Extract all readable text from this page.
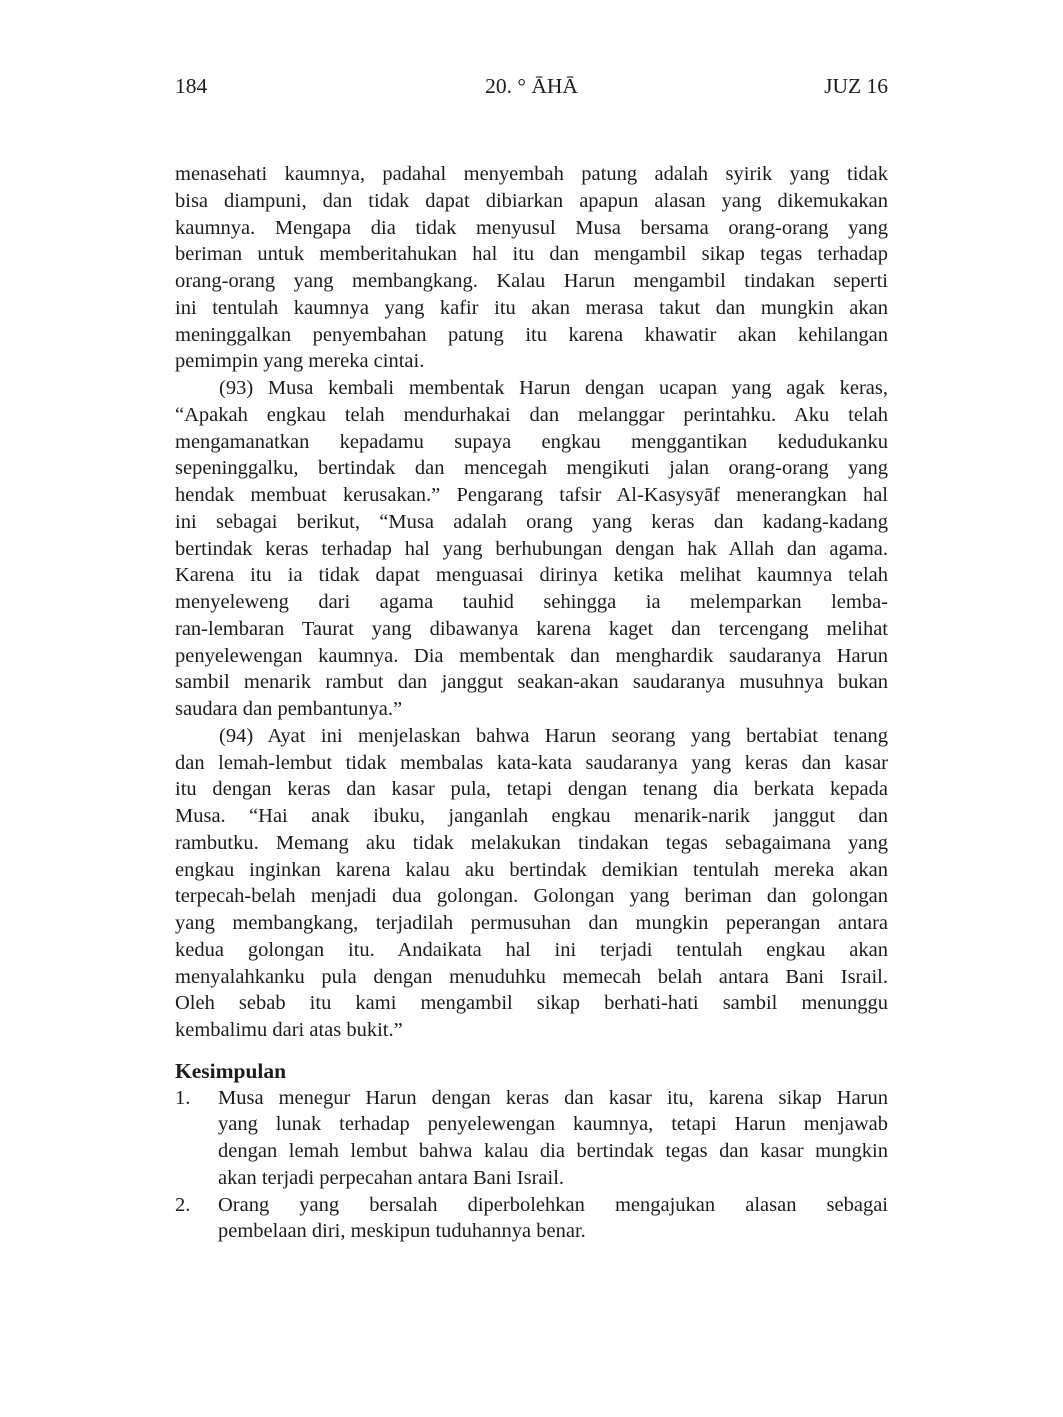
184	20. ° ĀHĀ	JUZ 16
menasehati kaumnya, padahal menyembah patung adalah syirik yang tidak
bisa diampuni, dan tidak dapat dibiarkan apapun alasan yang dikemukakan
kaumnya. Mengapa dia tidak menyusul Musa bersama orang-orang yang
beriman untuk memberitahukan hal itu dan mengambil sikap tegas terhadap
orang-orang yang membangkang. Kalau Harun mengambil tindakan seperti
ini tentulah kaumnya yang kafir itu akan merasa takut dan mungkin akan
meninggalkan penyembahan patung itu karena khawatir akan kehilangan
pemimpin yang mereka cintai.
(93) Musa kembali membentak Harun dengan ucapan yang agak keras,
“Apakah engkau telah mendurhakai dan melanggar perintahku. Aku telah
mengamanatkan kepadamu supaya engkau menggantikan kedudukanku
sepeninggalku, bertindak dan mencegah mengikuti jalan orang-orang yang
hendak membuat kerusakan.” Pengarang tafsir Al-Kasysyāf menerangkan hal
ini sebagai berikut, “Musa adalah orang yang keras dan kadang-kadang
bertindak keras terhadap hal yang berhubungan dengan hak Allah dan agama.
Karena itu ia tidak dapat menguasai dirinya ketika melihat kaumnya telah
menyeleweng dari agama tauhid sehingga ia melemparkan lemba-
ran-lembaran Taurat yang dibawanya karena kaget dan tercengang melihat
penyelewengan kaumnya. Dia membentak dan menghardik saudaranya Harun
sambil menarik rambut dan janggut seakan-akan saudaranya musuhnya bukan
saudara dan pembantunya.”
(94) Ayat ini menjelaskan bahwa Harun seorang yang bertabiat tenang
dan lemah-lembut tidak membalas kata-kata saudaranya yang keras dan kasar
itu dengan keras dan kasar pula, tetapi dengan tenang dia berkata kepada
Musa. “Hai anak ibuku, janganlah engkau menarik-narik janggut dan
rambutku. Memang aku tidak melakukan tindakan tegas sebagaimana yang
engkau inginkan karena kalau aku bertindak demikian tentulah mereka akan
terpecah-belah menjadi dua golongan. Golongan yang beriman dan golongan
yang membangkang, terjadilah permusuhan dan mungkin peperangan antara
kedua golongan itu. Andaikata hal ini terjadi tentulah engkau akan
menyalahkanku pula dengan menuduhku memecah belah antara Bani Israil.
Oleh sebab itu kami mengambil sikap berhati-hati sambil menunggu
kembalimu dari atas bukit.”
Kesimpulan
1. Musa menegur Harun dengan keras dan kasar itu, karena sikap Harun
yang lunak terhadap penyelewengan kaumnya, tetapi Harun menjawab
dengan lemah lembut bahwa kalau dia bertindak tegas dan kasar mungkin
akan terjadi perpecahan antara Bani Israil.
2. Orang yang bersalah diperbolehkan mengajukan alasan sebagai
pembelaan diri, meskipun tuduhannya benar.
